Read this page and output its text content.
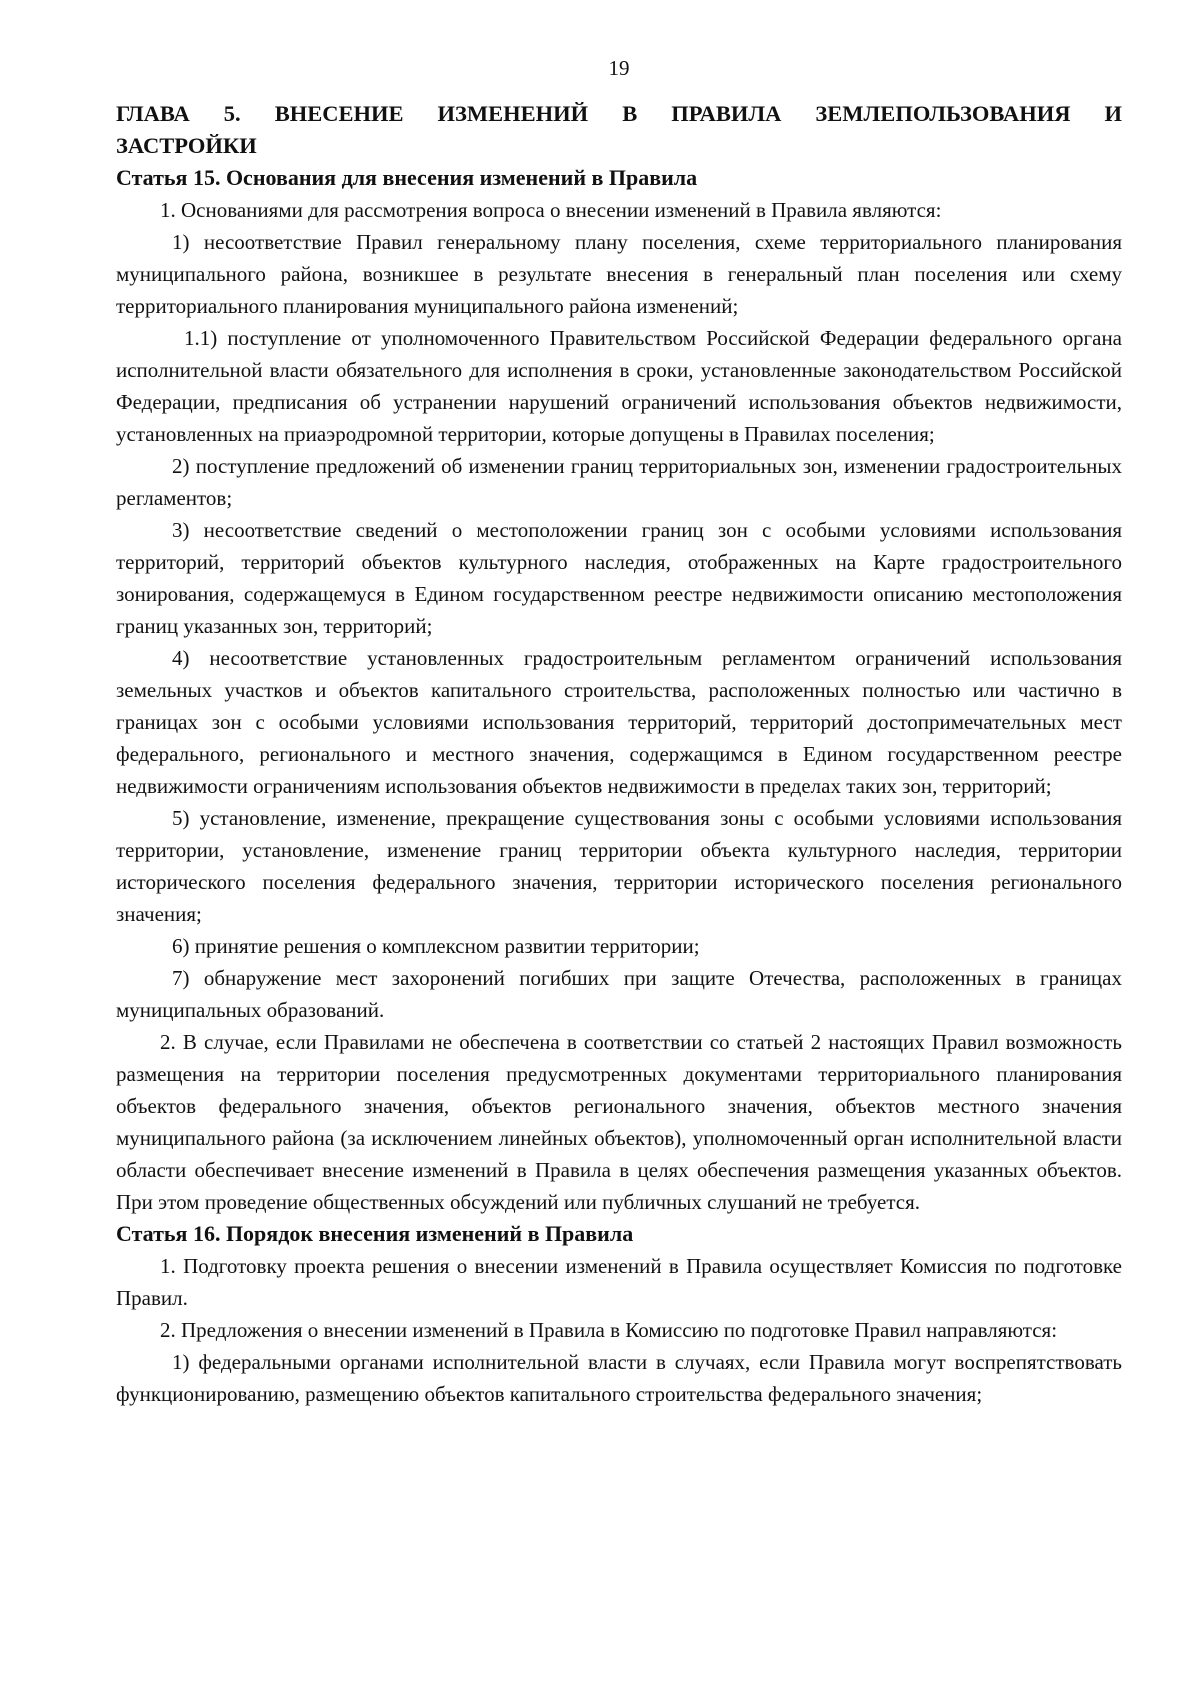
19
ГЛАВА 5. ВНЕСЕНИЕ ИЗМЕНЕНИЙ В ПРАВИЛА ЗЕМЛЕПОЛЬЗОВАНИЯ И ЗАСТРОЙКИ
Статья 15. Основания для внесения изменений в Правила

1. Основаниями для рассмотрения вопроса о внесении изменений в Правила являются:

1) несоответствие Правил генеральному плану поселения, схеме территориального планирования муниципального района, возникшее в результате внесения в генеральный план поселения или схему территориального планирования муниципального района изменений;

1.1) поступление от уполномоченного Правительством Российской Федерации федерального органа исполнительной власти обязательного для исполнения в сроки, установленные законодательством Российской Федерации, предписания об устранении нарушений ограничений использования объектов недвижимости, установленных на приаэродромной территории, которые допущены в Правилах поселения;

2) поступление предложений об изменении границ территориальных зон, изменении градостроительных регламентов;

3) несоответствие сведений о местоположении границ зон с особыми условиями использования территорий, территорий объектов культурного наследия, отображенных на Карте градостроительного зонирования, содержащемуся в Едином государственном реестре недвижимости описанию местоположения границ указанных зон, территорий;

4) несоответствие установленных градостроительным регламентом ограничений использования земельных участков и объектов капитального строительства, расположенных полностью или частично в границах зон с особыми условиями использования территорий, территорий достопримечательных мест федерального, регионального и местного значения, содержащимся в Едином государственном реестре недвижимости ограничениям использования объектов недвижимости в пределах таких зон, территорий;

5) установление, изменение, прекращение существования зоны с особыми условиями использования территории, установление, изменение границ территории объекта культурного наследия, территории исторического поселения федерального значения, территории исторического поселения регионального значения;

6) принятие решения о комплексном развитии территории;

7) обнаружение мест захоронений погибших при защите Отечества, расположенных в границах муниципальных образований.

2. В случае, если Правилами не обеспечена в соответствии со статьей 2 настоящих Правил возможность размещения на территории поселения предусмотренных документами территориального планирования объектов федерального значения, объектов регионального значения, объектов местного значения муниципального района (за исключением линейных объектов), уполномоченный орган исполнительной власти области обеспечивает внесение изменений в Правила в целях обеспечения размещения указанных объектов. При этом проведение общественных обсуждений или публичных слушаний не требуется.

Статья 16. Порядок внесения изменений в Правила

1. Подготовку проекта решения о внесении изменений в Правила осуществляет Комиссия по подготовке Правил.

2. Предложения о внесении изменений в Правила в Комиссию по подготовке Правил направляются:

1) федеральными органами исполнительной власти в случаях, если Правила могут воспрепятствовать функционированию, размещению объектов капитального строительства федерального значения;
